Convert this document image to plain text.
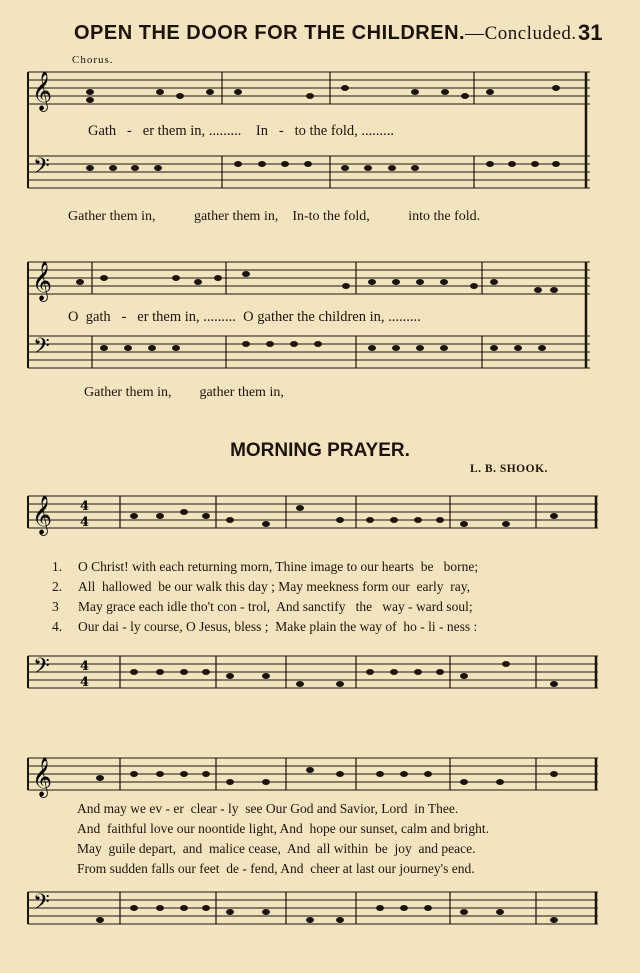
OPEN THE DOOR FOR THE CHILDREN.—Concluded. 31
Chorus.
𝄞
𝄢
Gath   -   er them in, .........    In   -   to the fold, .........
Gather them in,           gather them in,    In-to the fold,           into the fold.
𝄞
𝄢
O  gath   -   er them in, .........  O gather the children in, .........
Gather them in,        gather them in,
MORNING PRAYER.
L. B. SHOOK.
𝄞 4
4
1. O Christ! with each returning morn, Thine image to our hearts  be   borne;
2. All  hallowed  be our walk this day ; May meekness form our  early  ray,
3 May grace each idle tho't con - trol,  And sanctify   the   way - ward soul;
4. Our dai - ly course, O Jesus, bless ;  Make plain the way of  ho - li - ness :
𝄢 4
4
𝄞
And may we ev - er  clear - ly  see Our God and Savior, Lord  in Thee.
And  faithful love our noontide light, And  hope our sunset, calm and bright.
May  guile depart,  and  malice cease,  And  all within  be  joy  and peace.
From sudden falls our feet  de - fend, And  cheer at last our journey's end.
𝄢
